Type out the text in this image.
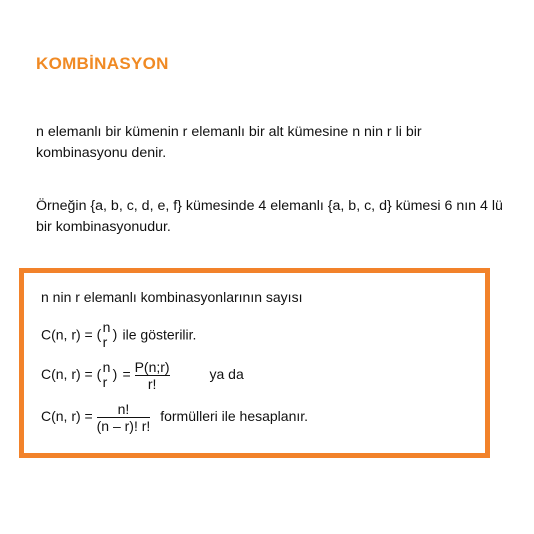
KOMBİNASYON
n elemanlı bir kümenin r elemanlı bir alt kümesine n nin r li bir kombinasyonu denir.
Örneğin {a, b, c, d, e, f} kümesinde 4 elemanlı {a, b, c, d} kümesi 6 nın 4 lü bir kombinasyonudur.
n nin r elemanlı kombinasyonlarının sayısı
C(n, r) = ( n
r ) ile gösterilir.
C(n, r) = ( n
r ) = $\frac{P(n;r)}{r!}$	ya da
C(n, $r) = \frac{n!}{(n - r)! r!}$ formülleri ile hesaplanır.
